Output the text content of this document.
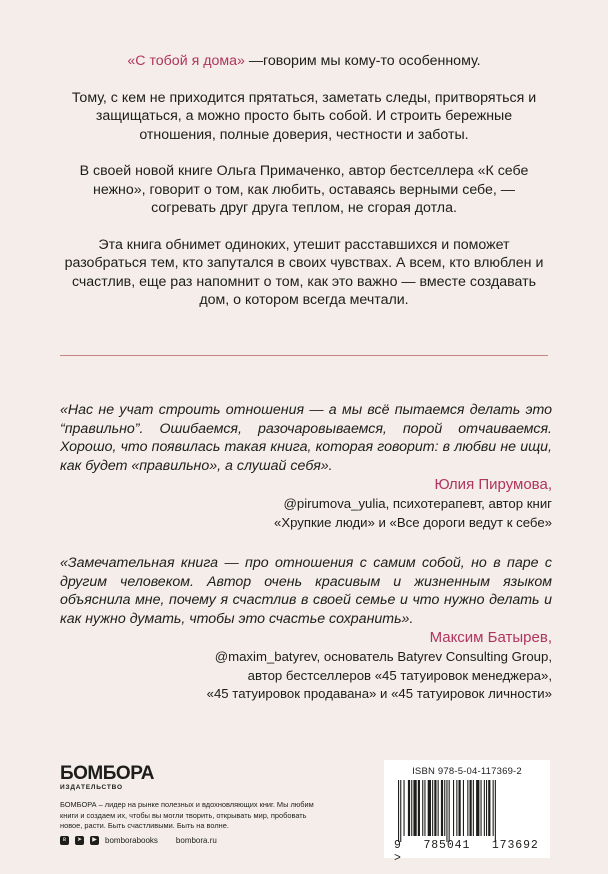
«С тобой я дома» —говорим мы кому-то особенному.

Тому, с кем не приходится прятаться, заметать следы, притворяться и защищаться, а можно просто быть собой. И строить бережные отношения, полные доверия, честности и заботы.

В своей новой книге Ольга Примаченко, автор бестселлера «К себе нежно», говорит о том, как любить, оставаясь верными себе, — согревать друг друга теплом, не сгорая дотла.

Эта книга обнимет одиноких, утешит расставшихся и поможет разобраться тем, кто запутался в своих чувствах. А всем, кто влюблен и счастлив, еще раз напомнит о том, как это важно — вместе создавать дом, о котором всегда мечтали.

«Нас не учат строить отношения — а мы всё пытаемся делать это “правильно”. Ошибаемся, разочаровываемся, порой отчаиваемся. Хорошо, что появилась такая книга, которая говорит: в любви не ищи, как будет «правильно», а слушай себя».
Юлия Пирумова,
@pirumova_yulia, психотерапевт, автор книг
«Хрупкие люди» и «Все дороги ведут к себе»
«Замечательная книга — про отношения с самим собой, но в паре с другим человеком. Автор очень красивым и жизненным языком объяснила мне, почему я счастлив в своей семье и что нужно делать и как нужно думать, чтобы это счастье сохранить».
Максим Батырев,
@maxim_batyrev, основатель Batyrev Consulting Group,
автор бестселлеров «45 татуировок менеджера»,
«45 татуировок продавана» и «45 татуировок личности»
БОМБОРА
ИЗДАТЕЛЬСТВО
БОМБОРА – лидер на рынке полезных и вдохновляющих книг. Мы любим книги и создаем их, чтобы вы могли творить, открывать мир, пробовать новое, расти. Быть счастливыми. Быть на волне.
в	➤	▶ bomborabooks bombora.ru
ISBN 978-5-04-117369-2
9 785041 173692 >
